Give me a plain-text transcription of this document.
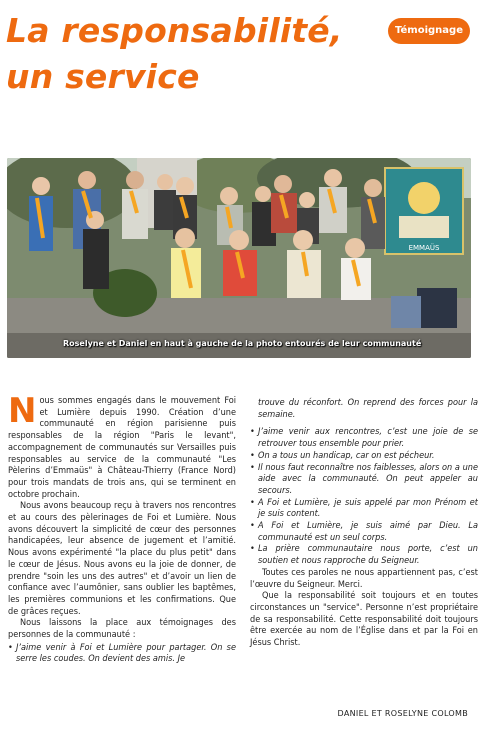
La responsabilité,
un service
Témoignage
EMMAÜS

Roselyne et Daniel en haut à gauche de la photo entourés de leur communauté

Nous sommes engagés dans le mouvement Foi et Lumière depuis 1990. Création d’une communauté en région parisienne puis responsables de la région "Paris le levant", accompagnement de communautés sur Versailles puis responsables au service de la communauté "Les Pèlerins d’Emmaüs" à Château-Thierry (France Nord) pour trois mandats de trois ans, qui se terminent en octobre prochain.

Nous avons beaucoup reçu à travers nos rencontres et au cours des pèlerinages de Foi et Lumière. Nous avons découvert la simplicité de cœur des personnes handicapées, leur absence de jugement et l’amitié. Nous avons expérimenté "la place du plus petit" dans le cœur de Jésus. Nous avons eu la joie de donner, de prendre "soin les uns des autres" et d’avoir un lien de confiance avec l’aumônier, sans oublier les baptêmes, les premières communions et les confirmations. Que de grâces reçues.

Nous laissons la place aux témoignages des personnes de la communauté :

• J’aime venir à Foi et Lumière pour partager. On se serre les coudes. On devient des amis. Je

trouve du réconfort. On reprend des forces pour la semaine.

• J’aime venir aux rencontres, c’est une joie de se retrouver tous ensemble pour prier.
• On a tous un handicap, car on est pécheur.
• Il nous faut reconnaître nos faiblesses, alors on a une aide avec la communauté. On peut appeler au secours.
• A Foi et Lumière, je suis appelé par mon Prénom et je suis content.
• A Foi et Lumière, je suis aimé par Dieu. La communauté est un seul corps.
• La prière communautaire nous porte, c’est un soutien et nous rapproche du Seigneur.

Toutes ces paroles ne nous appartiennent pas, c’est l’œuvre du Seigneur. Merci.

Que la responsabilité soit toujours et en toutes circonstances un "service". Personne n’est propriétaire de sa responsabilité. Cette responsabilité doit toujours être exercée au nom de l’Église dans et par la Foi en Jésus Christ.

DANIEL ET ROSELYNE COLOMB
